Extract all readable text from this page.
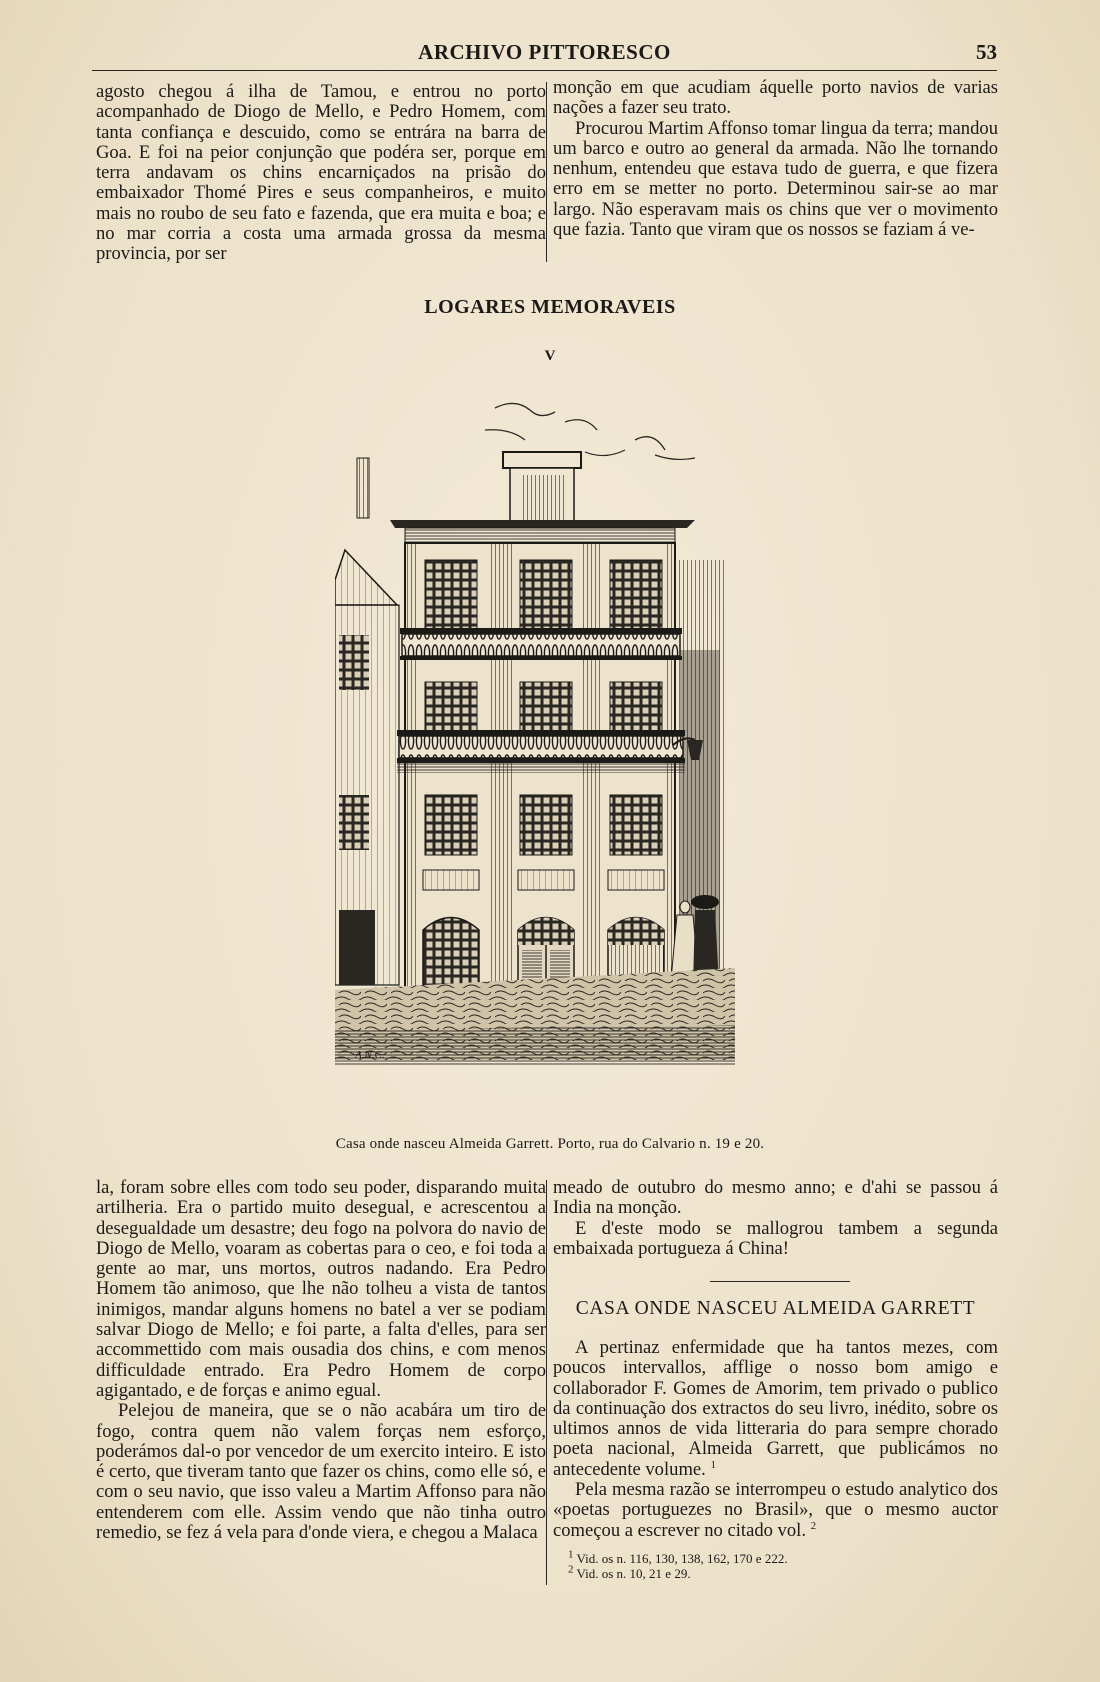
ARCHIVO PITTORESCO	53

agosto chegou á ilha de Tamou, e entrou no porto acompanhado de Diogo de Mello, e Pedro Homem, com tanta confiança e descuido, como se entrára na barra de Goa. E foi na peior conjunção que podéra ser, porque em terra andavam os chins encarniçados na prisão do embaixador Thomé Pires e seus companheiros, e muito mais no roubo de seu fato e fazenda, que era muita e boa; e no mar corria a costa uma armada grossa da mesma provincia, por ser

monção em que acudiam áquelle porto navios de varias nações a fazer seu trato.

Procurou Martim Affonso tomar lingua da terra; mandou um barco e outro ao general da armada. Não lhe tornando nenhum, entendeu que estava tudo de guerra, e que fizera erro em se metter no porto. Determinou sair-se ao mar largo. Não esperavam mais os chins que ver o movimento que fazia. Tanto que viram que os nossos se faziam á ve-

LOGARES MEMORAVEIS
V
A.N.C.
Casa onde nasceu Almeida Garrett. Porto, rua do Calvario n. 19 e 20.

la, foram sobre elles com todo seu poder, disparando muita artilheria. Era o partido muito desegual, e acrescentou a desegualdade um desastre; deu fogo na polvora do navio de Diogo de Mello, voaram as cobertas para o ceo, e foi toda a gente ao mar, uns mortos, outros nadando. Era Pedro Homem tão animoso, que lhe não tolheu a vista de tantos inimigos, mandar alguns homens no batel a ver se podiam salvar Diogo de Mello; e foi parte, a falta d'elles, para ser accommettido com mais ousadia dos chins, e com menos difficuldade entrado. Era Pedro Homem de corpo agigantado, e de forças e animo egual.

Pelejou de maneira, que se o não acabára um tiro de fogo, contra quem não valem forças nem esforço, poderámos dal-o por vencedor de um exercito inteiro. E isto é certo, que tiveram tanto que fazer os chins, como elle só, e com o seu navio, que isso valeu a Martim Affonso para não entenderem com elle. Assim vendo que não tinha outro remedio, se fez á vela para d'onde viera, e chegou a Malaca

meado de outubro do mesmo anno; e d'ahi se passou á India na monção.

E d'este modo se mallogrou tambem a segunda embaixada portugueza á China!

CASA ONDE NASCEU ALMEIDA GARRETT

A pertinaz enfermidade que ha tantos mezes, com poucos intervallos, afflige o nosso bom amigo e collaborador F. Gomes de Amorim, tem privado o publico da continuação dos extractos do seu livro, inédito, sobre os ultimos annos de vida litteraria do para sempre chorado poeta nacional, Almeida Garrett, que publicámos no antecedente volume. $^1$

Pela mesma razão se interrompeu o estudo analytico dos «poetas portuguezes no Brasil», que o mesmo auctor começou a escrever no citado vol. $^2$

$^1$ Vid. os n. 116, 130, 138, 162, 170 e 222.
$^2$ Vid. os n. 10, 21 e 29.
